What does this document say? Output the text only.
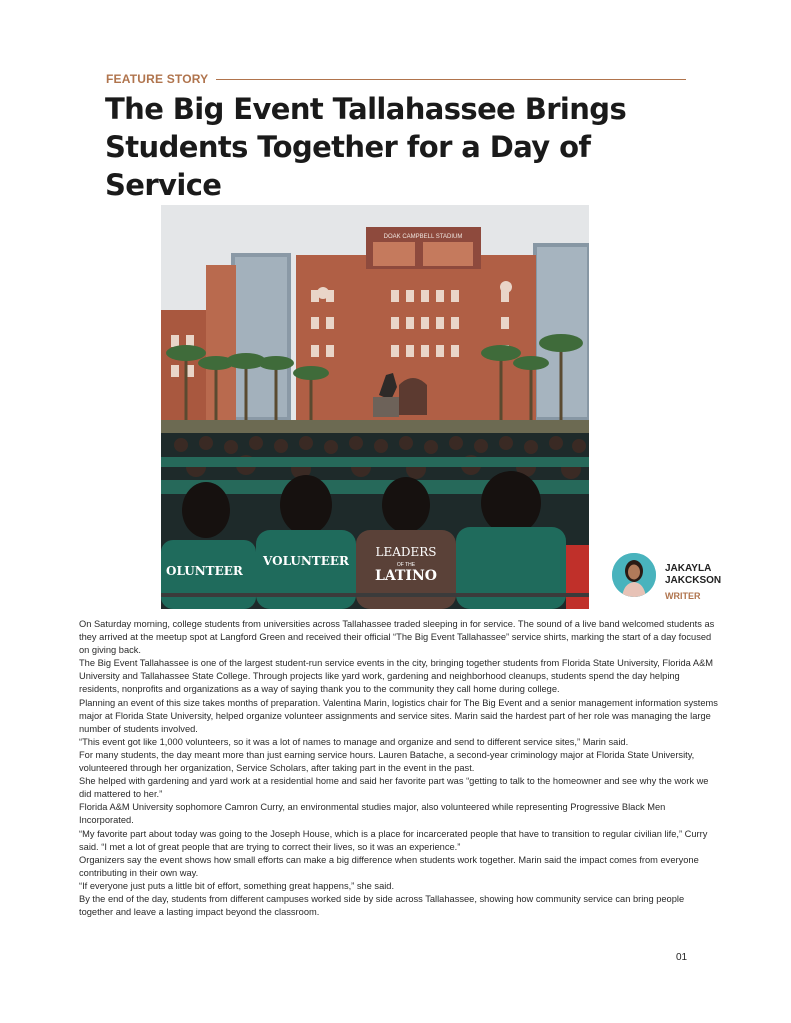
FEATURE STORY
The Big Event Tallahassee Brings Students Together for a Day of Service
DOAK CAMPBELL STADIUM
OLUNTEER
VOLUNTEER
LEADERS
OF THE
LATINO	JAKAYLA JAKCKSON
WRITER

On Saturday morning, college students from universities across Tallahassee traded sleeping in for service. The sound of a live band welcomed students as they arrived at the meetup spot at Langford Green and received their official “The Big Event Tallahassee” service shirts, marking the start of a day focused on giving back.

The Big Event Tallahassee is one of the largest student-run service events in the city, bringing together students from Florida State University, Florida A&M University and Tallahassee State College. Through projects like yard work, gardening and neighborhood cleanups, students spend the day helping residents, nonprofits and organizations as a way of saying thank you to the community they call home during college.

Planning an event of this size takes months of preparation. Valentina Marin, logistics chair for The Big Event and a senior management information systems major at Florida State University, helped organize volunteer assignments and service sites. Marin said the hardest part of her role was managing the large number of students involved.

“This event got like 1,000 volunteers, so it was a lot of names to manage and organize and send to different service sites,” Marin said.

For many students, the day meant more than just earning service hours. Lauren Batache, a second-year criminology major at Florida State University, volunteered through her organization, Service Scholars, after taking part in the event in the past.

She helped with gardening and yard work at a residential home and said her favorite part was “getting to talk to the homeowner and see why the work we did mattered to her.”

Florida A&M University sophomore Camron Curry, an environmental studies major, also volunteered while representing Progressive Black Men Incorporated.

“My favorite part about today was going to the Joseph House, which is a place for incarcerated people that have to transition to regular civilian life,” Curry said. “I met a lot of great people that are trying to correct their lives, so it was an experience.”

Organizers say the event shows how small efforts can make a big difference when students work together. Marin said the impact comes from everyone contributing in their own way.

“If everyone just puts a little bit of effort, something great happens,” she said.

By the end of the day, students from different campuses worked side by side across Tallahassee, showing how community service can bring people together and leave a lasting impact beyond the classroom.

01
